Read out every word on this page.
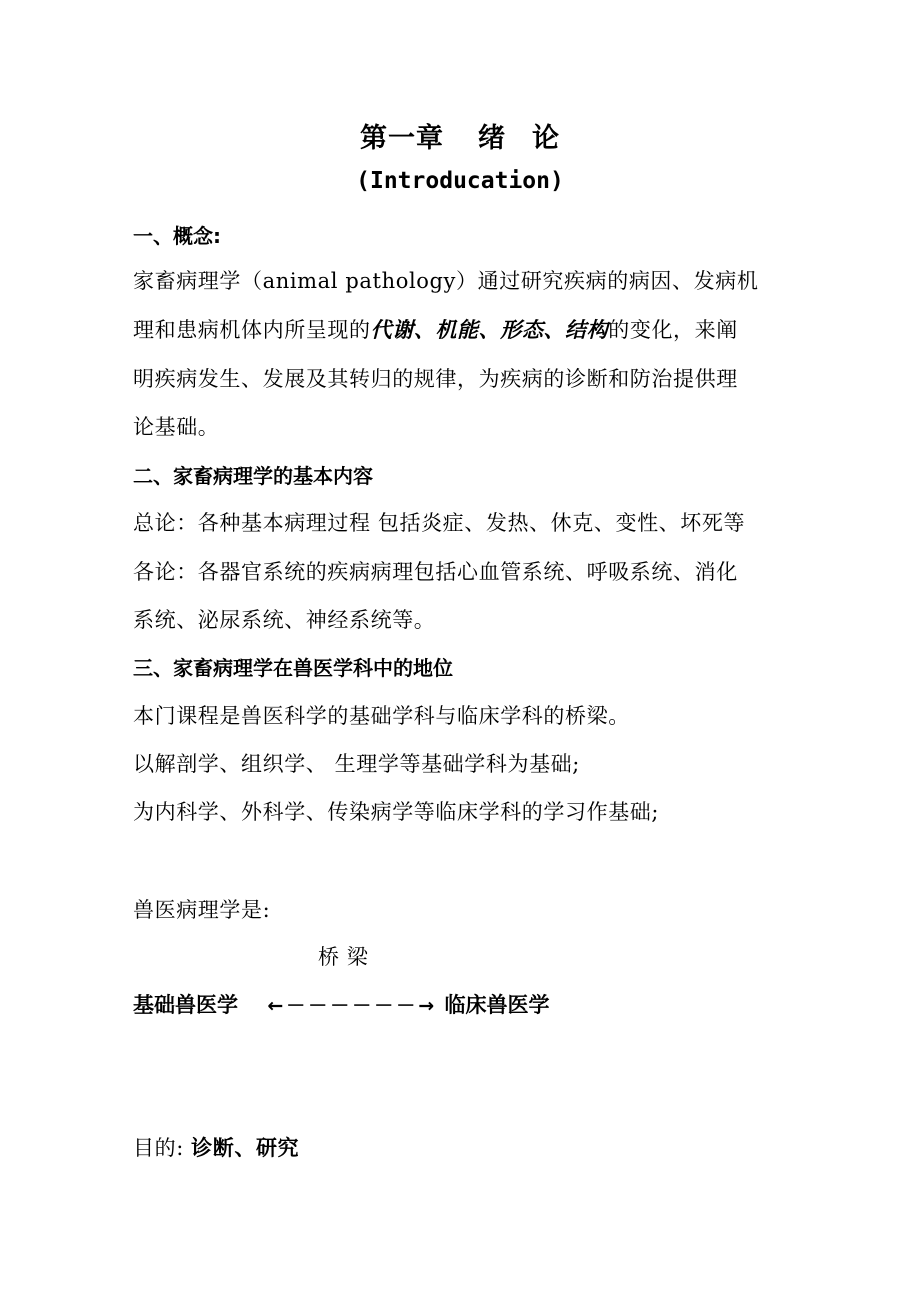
第一章 绪 论
(Introducation)
一、概念:
家畜病理学（animal pathology）通过研究疾病的病因、发病机
理和患病机体内所呈现的代谢、机能、形态、结构的变化，来阐
明疾病发生、发展及其转归的规律，为疾病的诊断和防治提供理
论基础。
二、家畜病理学的基本内容
总论：各种基本病理过程 包括炎症、发热、休克、变性、坏死等
各论：各器官系统的疾病病理包括心血管系统、呼吸系统、消化
系统、泌尿系统、神经系统等。
三、家畜病理学在兽医学科中的地位
本门课程是兽医科学的基础学科与临床学科的桥梁。
以解剖学、组织学、 生理学等基础学科为基础;
为内科学、外科学、传染病学等临床学科的学习作基础;
兽医病理学是:
桥 梁
基础兽医学 ←－－－－－－→ 临床兽医学
目的: 诊断、研究
